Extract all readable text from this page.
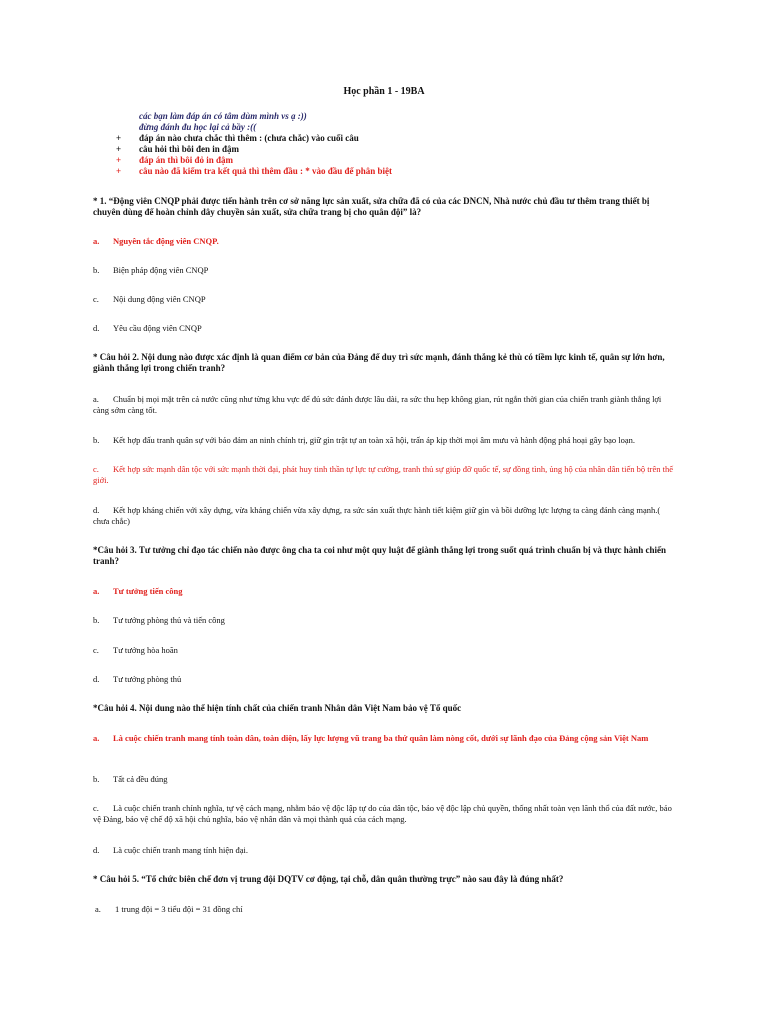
Học phần 1 - 19BA
các bạn làm đáp án có tâm dùm mình vs ạ :))
đừng đánh đu học lại cả bầy :((
+ đáp án nào chưa chắc thì thêm : (chưa chắc) vào cuối câu
+ câu hỏi thì bôi đen in đậm
+ đáp án thì bôi đỏ in đậm
+ câu nào đã kiểm tra kết quả thì thêm đầu : * vào đầu để phân biệt
* 1. “Động viên CNQP phải được tiến hành trên cơ sở năng lực sản xuất, sửa chữa đã có của các DNCN, Nhà nước chủ đầu tư thêm trang thiết bị chuyên dùng để hoàn chỉnh dây chuyền sản xuất, sửa chữa trang bị cho quân đội” là?
a. Nguyên tắc động viên CNQP.
b. Biện pháp động viên CNQP
c. Nội dung động viên CNQP
d. Yêu cầu động viên CNQP
* Câu hỏi 2. Nội dung nào được xác định là quan điểm cơ bản của Đảng để duy trì sức mạnh, đánh thắng kẻ thù có tiềm lực kinh tế, quân sự lớn hơn, giành thắng lợi trong chiến tranh?
a. Chuẩn bị mọi mặt trên cả nước cũng như từng khu vực để đủ sức đánh được lâu dài, ra sức thu hẹp không gian, rút ngắn thời gian của chiến tranh giành thắng lợi càng sớm càng tốt.
b. Kết hợp đấu tranh quân sự với bảo đảm an ninh chính trị, giữ gìn trật tự an toàn xã hội, trấn áp kịp thời mọi âm mưu và hành động phá hoại gây bạo loạn.
c. Kết hợp sức mạnh dân tộc với sức mạnh thời đại, phát huy tinh thần tự lực tự cường, tranh thủ sự giúp đỡ quốc tế, sự đồng tình, ủng hộ của nhân dân tiến bộ trên thế giới.
d. Kết hợp kháng chiến với xây dựng, vừa kháng chiến vừa xây dựng, ra sức sản xuất thực hành tiết kiệm giữ gìn và bồi dưỡng lực lượng ta càng đánh càng mạnh.( chưa chắc)
*Câu hỏi 3. Tư tưởng chỉ đạo tác chiến nào được ông cha ta coi như một quy luật để giành thắng lợi trong suốt quá trình chuẩn bị và thực hành chiến tranh?
a. Tư tưởng tiến công
b. Tư tưởng phòng thủ và tiến công
c. Tư tưởng hòa hoãn
d. Tư tưởng phòng thủ
*Câu hỏi 4. Nội dung nào thể hiện tính chất của chiến tranh Nhân dân Việt Nam bảo vệ Tổ quốc
a. Là cuộc chiến tranh mang tính toàn dân, toàn diện, lấy lực lượng vũ trang ba thứ quân làm nòng cốt, dưới sự lãnh đạo của Đảng cộng sản Việt Nam
b. Tất cả đều đúng
c. Là cuộc chiến tranh chính nghĩa, tự vệ cách mạng, nhằm bảo vệ độc lập tự do của dân tộc, bảo vệ độc lập chủ quyền, thống nhất toàn vẹn lãnh thổ của đất nước, bảo vệ Đảng, bảo vệ chế độ xã hội chủ nghĩa, bảo vệ nhân dân và mọi thành quả của cách mạng.
d. Là cuộc chiến tranh mang tính hiện đại.
* Câu hỏi 5. “Tổ chức biên chế đơn vị trung đội DQTV cơ động, tại chỗ, dân quân thường trực” nào sau đây là đúng nhất?
a. 1 trung đội = 3 tiểu đội = 31 đồng chí
